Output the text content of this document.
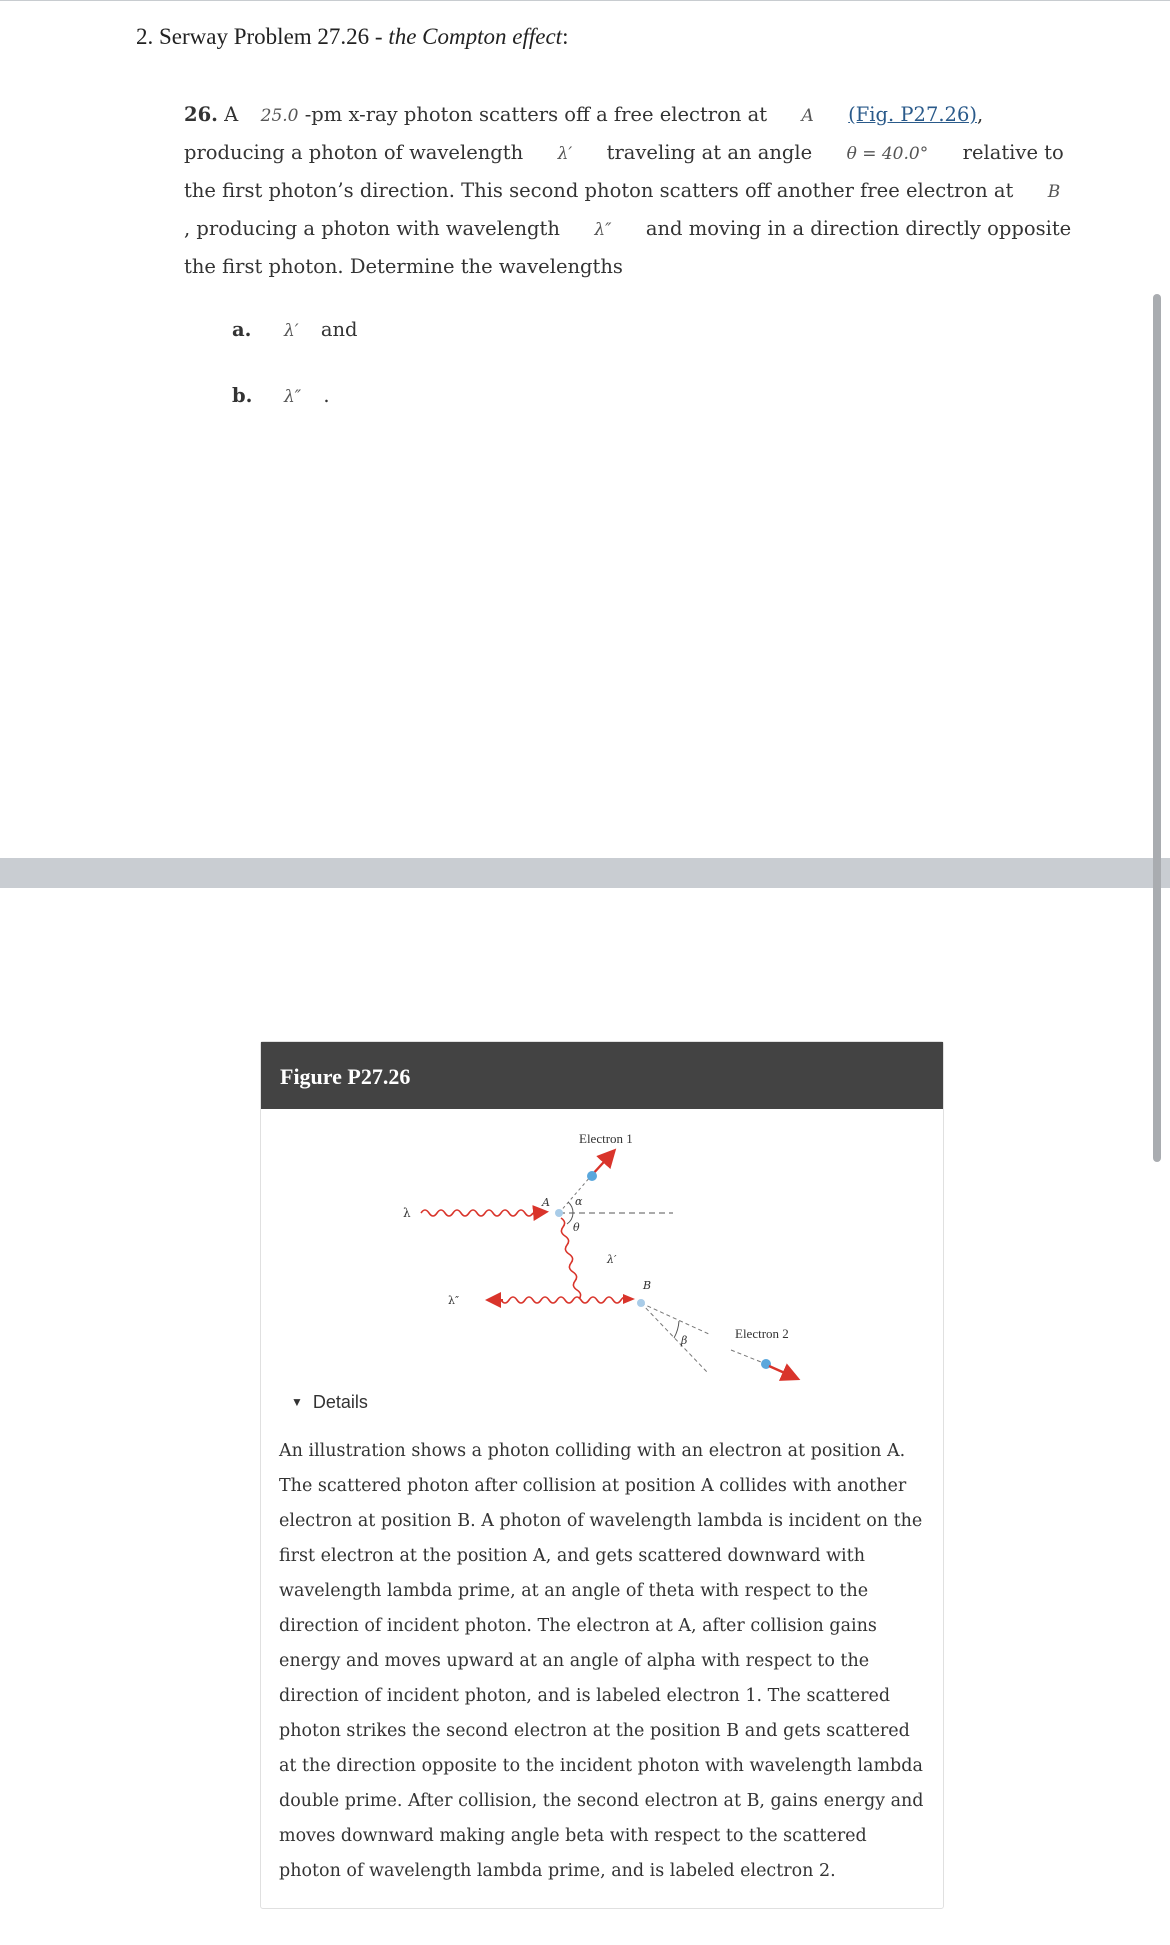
2. Serway Problem 27.26 - the Compton effect:
26. A 25.0 -pm x-ray photon scatters off a free electron at A (Fig. P27.26),
producing a photon of wavelength λ′ traveling at an angle θ = 40.0° relative to
the first photon’s direction. This second photon scatters off another free electron at B
, producing a photon with wavelength λ″ and moving in a direction directly opposite
the first photon. Determine the wavelengths
a. λ′ and
b. λ″ .
Figure P27.26
Electron 1
Electron 2
λ
λ′
λ″
A
B
α
θ
β
▼ Details
An illustration shows a photon colliding with an electron at position A. The scattered photon after collision at position A collides with another electron at position B. A photon of wavelength lambda is incident on the first electron at the position A, and gets scattered downward with wavelength lambda prime, at an angle of theta with respect to the direction of incident photon. The electron at A, after collision gains energy and moves upward at an angle of alpha with respect to the direction of incident photon, and is labeled electron 1. The scattered photon strikes the second electron at the position B and gets scattered at the direction opposite to the incident photon with wavelength lambda double prime. After collision, the second electron at B, gains energy and moves downward making angle beta with respect to the scattered photon of wavelength lambda prime, and is labeled electron 2.
